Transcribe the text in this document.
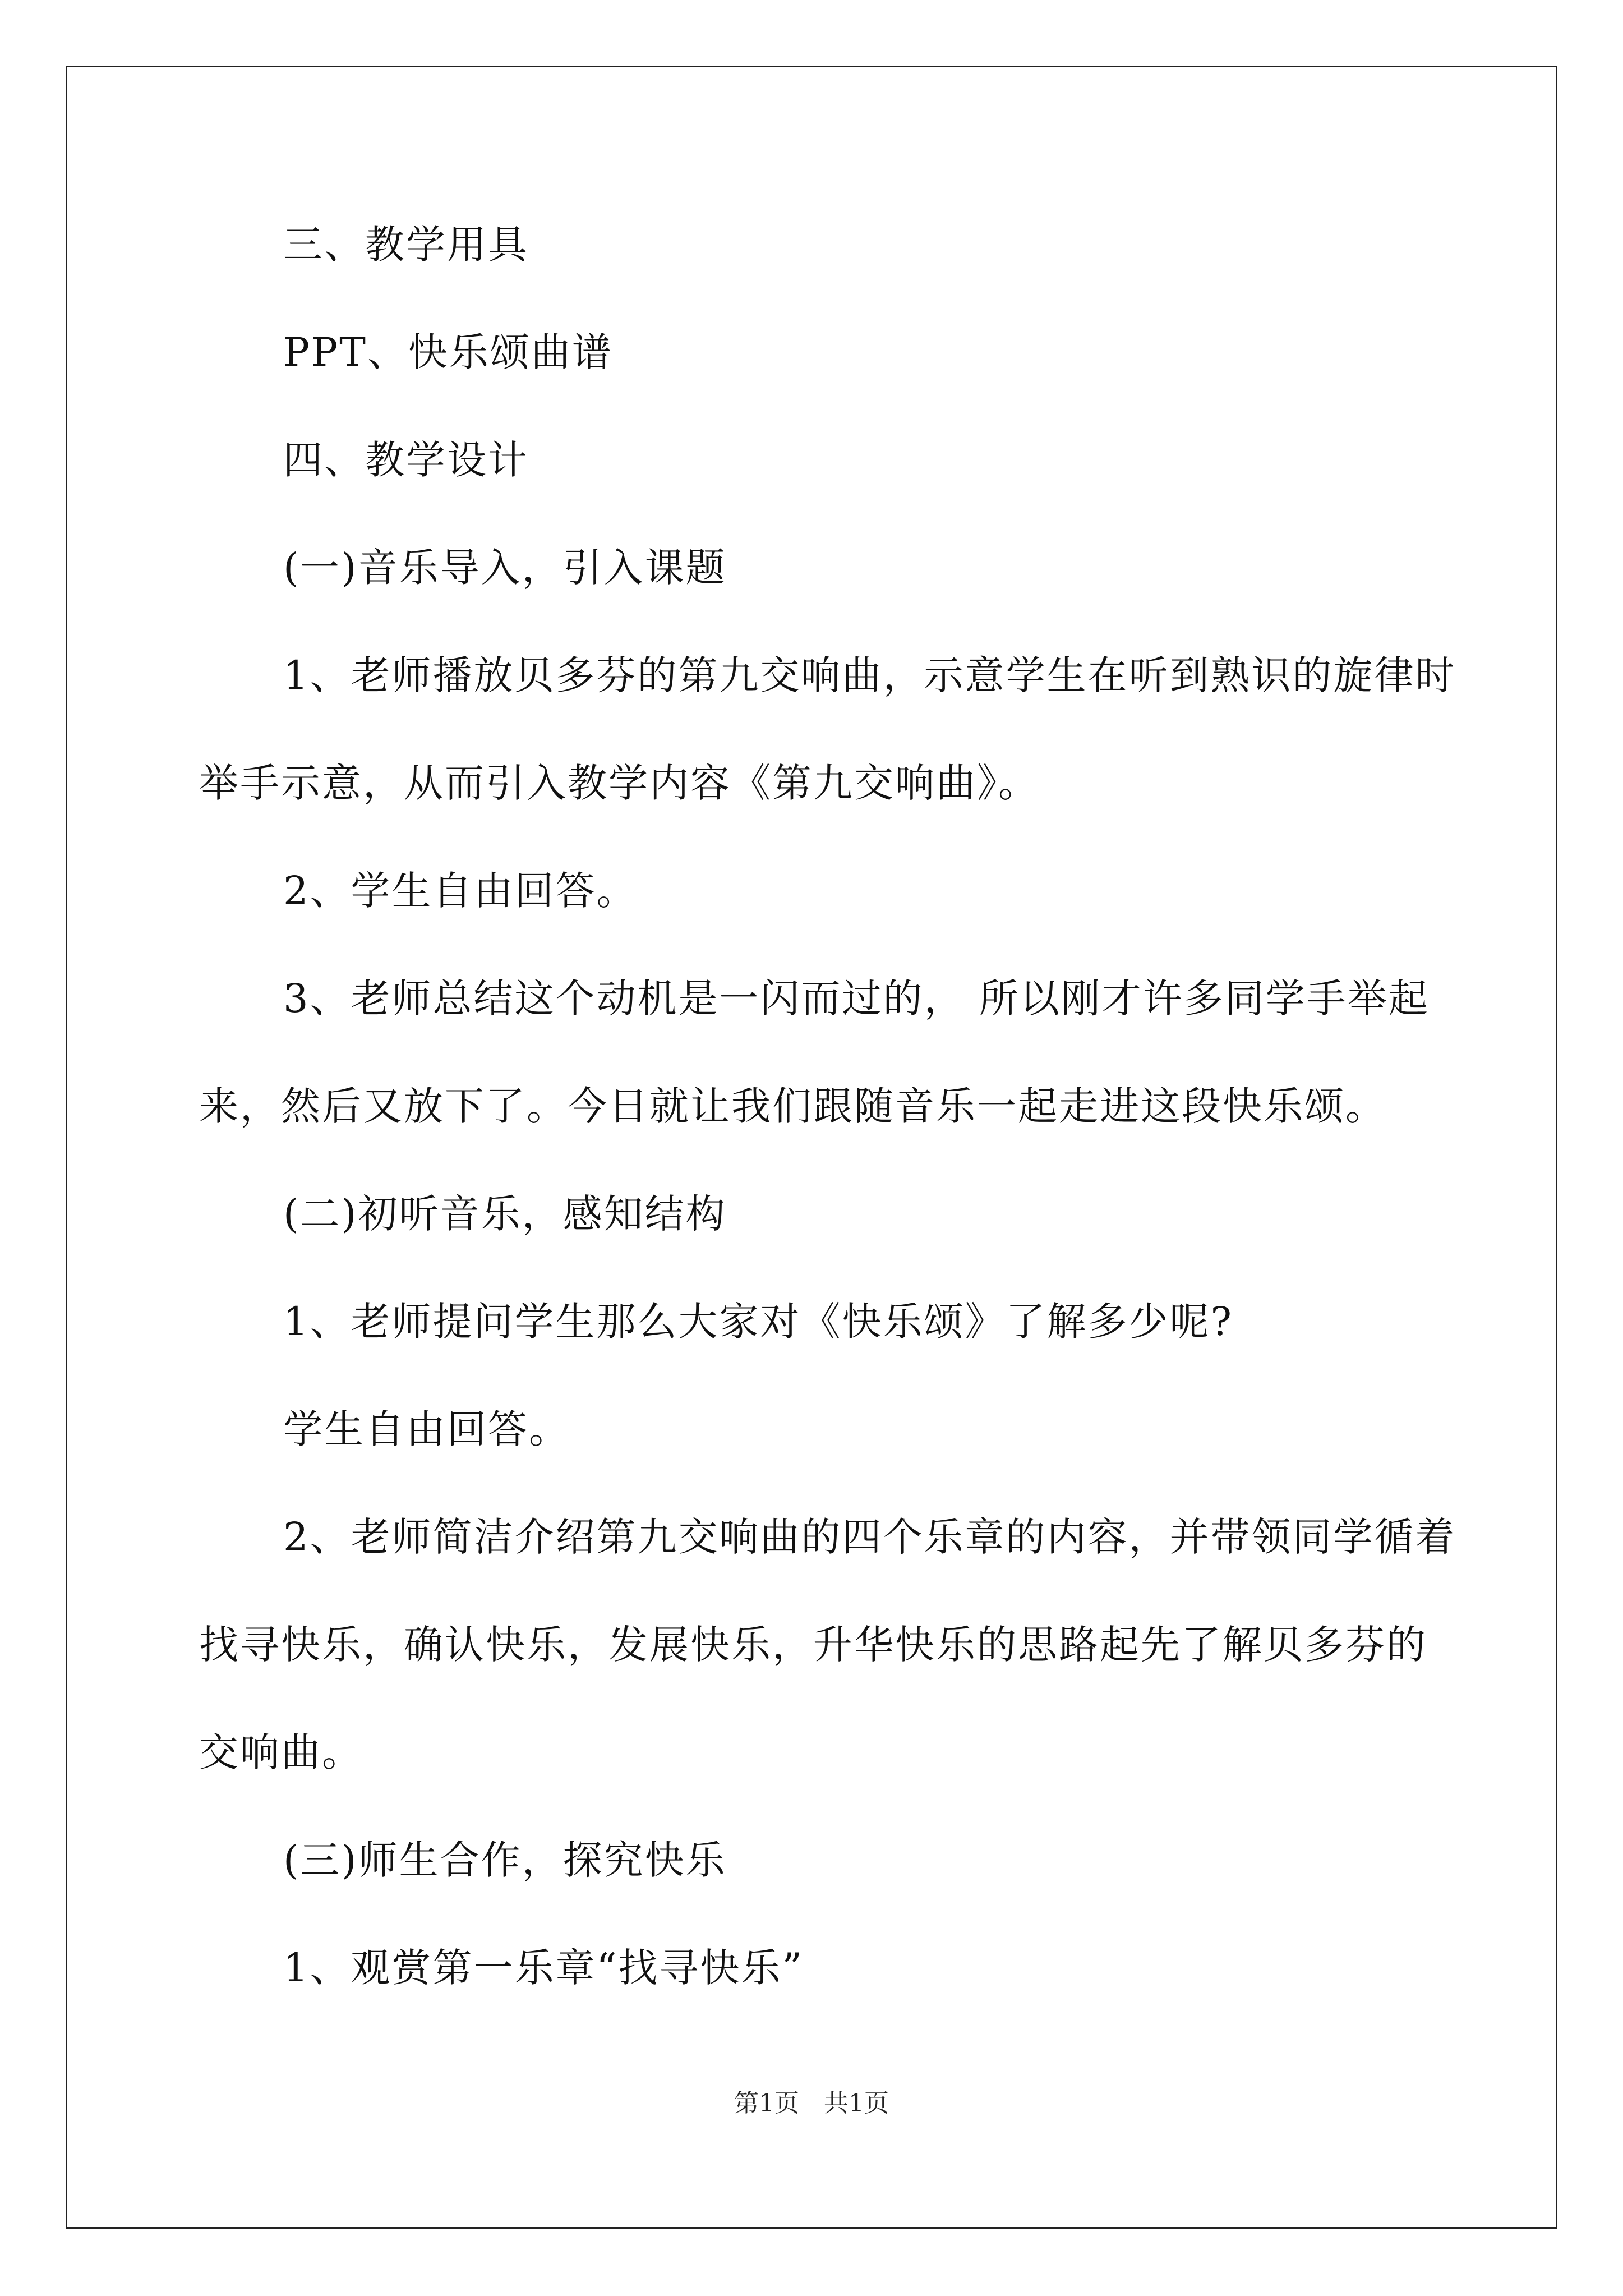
三、教学用具
PPT、快乐颂曲谱
四、教学设计
(一)音乐导入，引入课题
1、老师播放贝多芬的第九交响曲，示意学生在听到熟识的旋律时
举手示意，从而引入教学内容《第九交响曲》。
2、学生自由回答。
3、老师总结这个动机是一闪而过的， 所以刚才许多同学手举起
来，然后又放下了。今日就让我们跟随音乐一起走进这段快乐颂。
(二)初听音乐，感知结构
1、老师提问学生那么大家对《快乐颂》了解多少呢?
学生自由回答。
2、老师简洁介绍第九交响曲的四个乐章的内容，并带领同学循着
找寻快乐，确认快乐，发展快乐，升华快乐的思路起先了解贝多芬的
交响曲。
(三)师生合作，探究快乐
1、观赏第一乐章“找寻快乐”
第1页　共1页
